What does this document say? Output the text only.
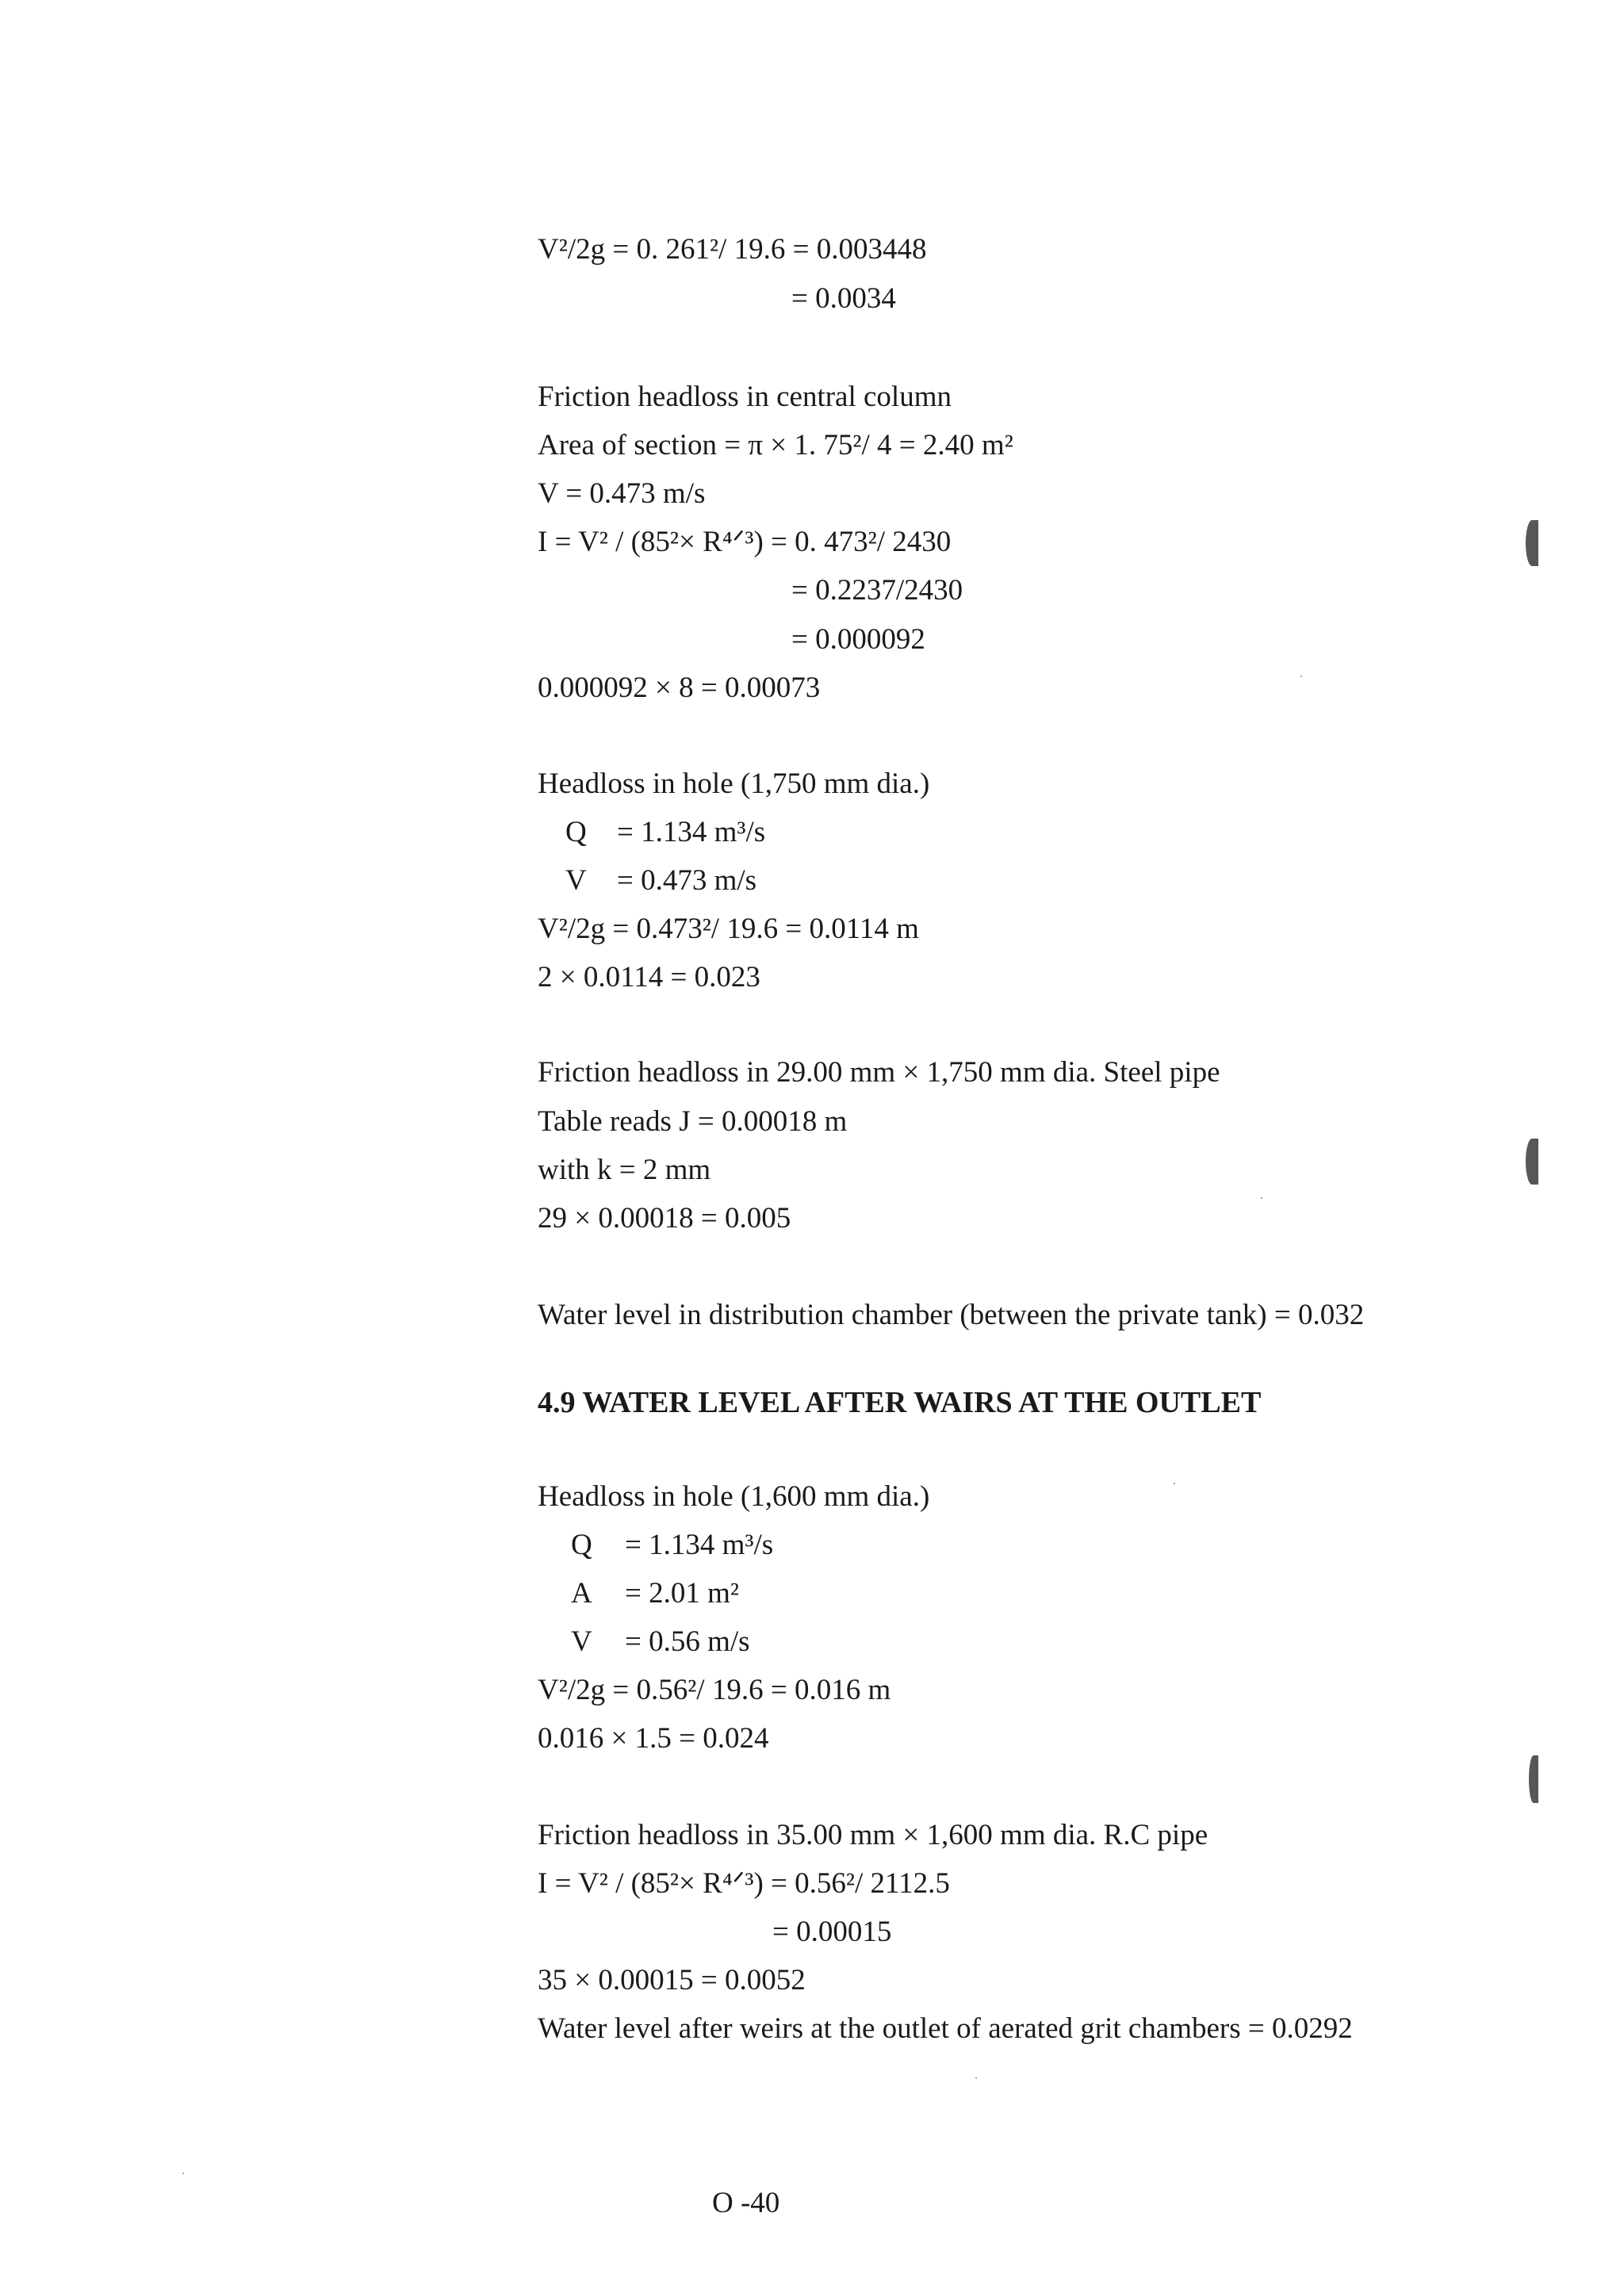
V²/2g = 0. 261²/ 19.6 = 0.003448
= 0.0034
Friction headloss in central column
Area of section = π × 1. 75²/ 4 = 2.40 m²
V = 0.473 m/s
I = V² / (85²× R⁴ᐟ³) = 0. 473²/ 2430
= 0.2237/2430
= 0.000092
0.000092 × 8 = 0.00073
Headloss in hole (1,750 mm dia.)
Q = 1.134 m³/s
V = 0.473 m/s
V²/2g = 0.473²/ 19.6 = 0.0114 m
2 × 0.0114 = 0.023
Friction headloss in 29.00 mm × 1,750 mm dia. Steel pipe
Table reads J = 0.00018 m
with k = 2 mm
29 × 0.00018 = 0.005
Water level in distribution chamber (between the private tank) = 0.032
4.9 WATER LEVEL AFTER WAIRS AT THE OUTLET
Headloss in hole (1,600 mm dia.)
Q = 1.134 m³/s
A = 2.01 m²
V = 0.56 m/s
V²/2g = 0.56²/ 19.6 = 0.016 m
0.016 × 1.5 = 0.024
Friction headloss in 35.00 mm × 1,600 mm dia. R.C pipe
I = V² / (85²× R⁴ᐟ³) = 0.56²/ 2112.5
= 0.00015
35 × 0.00015 = 0.0052
Water level after weirs at the outlet of aerated grit chambers = 0.0292
O -40
